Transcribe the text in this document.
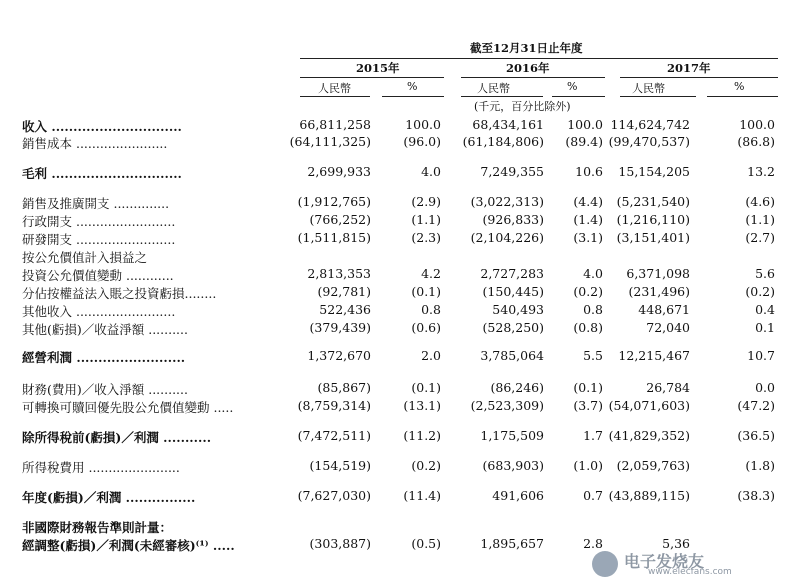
截至12月31日止年度
2015年	2016年	2017年
人民幣	%	人民幣	%	人民幣	%
(千元，百分比除外)
收入 ..............................	66,811,258	100.0	68,434,161 100.0 114,624,742	100.0
銷售成本 .......................	(64,111,325)	(96.0) (61,184,806) (89.4) (99,470,537)	(86.8)
毛利 ..............................	2,699,933	4.0	7,249,355 10.6 15,154,205	13.2
銷售及推廣開支 ..............	(1,912,765)	(2.9) (3,022,313) (4.4) (5,231,540)	(4.6)
行政開支 .........................	(766,252)	(1.1)	(926,833) (1.4) (1,216,110)	(1.1)
研發開支 .........................	(1,511,815)	(2.3) (2,104,226) (3.1) (3,151,401)	(2.7)
按公允價值計入損益之
投資公允價值變動 ............	2,813,353	4.2	2,727,283	4.0 6,371,098	5.6
分佔按權益法入賬之投資虧損........	(92,781)	(0.1)	(150,445) (0.2) (231,496)	(0.2)
其他收入 .........................	522,436	0.8	540,493	0.8	448,671	0.4
其他(虧損)／收益淨額 ..........	(379,439)	(0.6)	(528,250) (0.8)	72,040	0.1
經營利潤 .........................	1,372,670	2.0	3,785,064	5.5 12,215,467	10.7
財務(費用)／收入淨額 ..........	(85,867)	(0.1)	(86,246) (0.1)	26,784	0.0
可轉換可贖回優先股公允價值變動 .....	(8,759,314)	(13.1) (2,523,309) (3.7) (54,071,603)	(47.2)
除所得稅前(虧損)／利潤 ...........	(7,472,511)	(11.2)	1,175,509	1.7 (41,829,352)	(36.5)
所得稅費用 .......................	(154,519)	(0.2)	(683,903) (1.0) (2,059,763)	(1.8)
年度(虧損)／利潤 ................	(7,627,030)	(11.4)	491,606	0.7 (43,889,115)	(38.3)
非國際財務報告準則計量：
經調整(虧損)／利潤(未經審核)⁽¹⁾ .....	(303,887)	(0.5)	1,895,657	2.8	5,36
电子发烧友
www.elecfans.com
